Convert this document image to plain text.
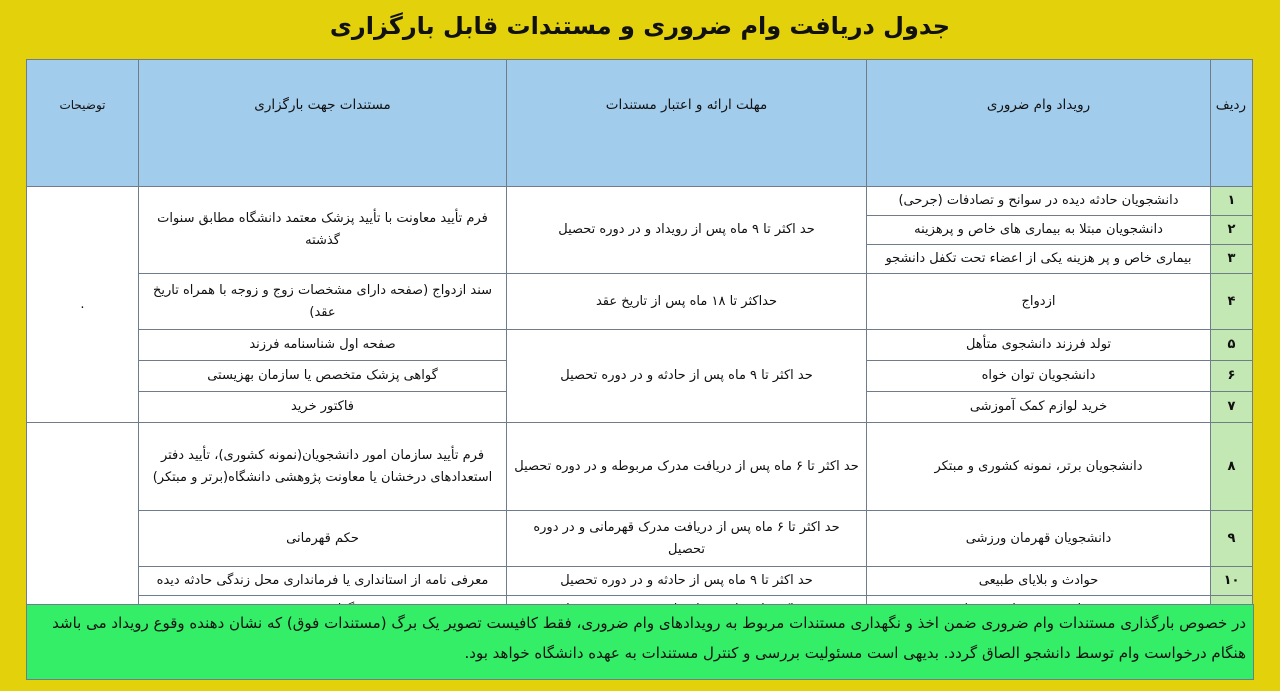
جدول دریافت وام ضروری و مستندات قابل بارگزاری
ردیف	رویداد وام ضروری	مهلت ارائه و اعتبار مستندات	مستندات جهت بارگزاری	توضیحات
۱	دانشجویان حادثه دیده در سوانح و تصادفات (جرحی)	حد اکثر تا ۹ ماه پس از رویداد و در دوره تحصیل	فرم تأیید معاونت با تأیید پزشک معتمد دانشگاه مطابق سنوات گذشته	.
۲	دانشجویان مبتلا به بیماری های خاص و پرهزینه			
۳	بیماری خاص و پر هزینه یکی از اعضاء تحت تکفل دانشجو			
۴	ازدواج	حداکثر تا ۱۸ ماه پس از تاریخ عقد	سند ازدواج (صفحه دارای مشخصات زوج و زوجه با همراه تاریخ عقد)	
۵	تولد فرزند دانشجوی متأهل	حد اکثر تا ۹ ماه پس از حادثه و در دوره تحصیل	صفحه اول شناسنامه فرزند	
۶	دانشجویان توان خواه		گواهی پزشک متخصص یا سازمان بهزیستی	
۷	خرید لوازم کمک آموزشی		فاکتور خرید	
۸	دانشجویان برتر، نمونه کشوری و مبتکر	حد اکثر تا ۶ ماه پس از دریافت مدرک مربوطه و در دوره تحصیل	فرم تأیید سازمان امور دانشجویان(نمونه کشوری)، تأیید دفتر استعدادهای درخشان یا معاونت پژوهشی دانشگاه(برتر و مبتکر)	
۹	دانشجویان قهرمان ورزشی	حد اکثر تا ۶ ماه پس از دریافت مدرک قهرمانی و در دوره تحصیل	حکم قهرمانی	
۱۰	حوادث و بلایای طبیعی	حد اکثر تا ۹ ماه پس از حادثه و در دوره تحصیل	معرفی نامه از استانداری یا فرمانداری محل زندگی حادثه دیده	

در خصوص بارگذاری مستندات وام ضروری ضمن اخذ و نگهداری مستندات مربوط به رویدادهای وام ضروری، فقط کافیست تصویر یک برگ (مستندات فوق) که نشان دهنده وقوع رویداد می باشد هنگام درخواست وام توسط دانشجو الصاق گردد. بدیهی است مسئولیت بررسی و کنترل مستندات به عهده دانشگاه خواهد بود.
